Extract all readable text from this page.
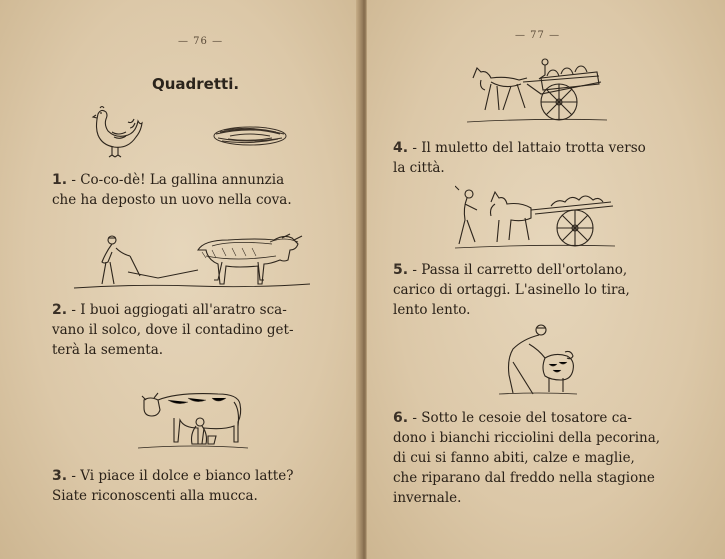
— 76 —
Quadretti.
1. - Co-co-dè! La gallina annunzia
che ha deposto un uovo nella cova.
2. - I buoi aggiogati all'aratro sca-
vano il solco, dove il contadino get-
terà la sementa.
3. - Vi piace il dolce e bianco latte?
Siate riconoscenti alla mucca.
— 77 —
4. - Il muletto del lattaio trotta verso
la città.
5. - Passa il carretto dell'ortolano,
carico di ortaggi. L'asinello lo tira,
lento lento.
6. - Sotto le cesoie del tosatore ca-
dono i bianchi ricciolini della pecorina,
di cui si fanno abiti, calze e maglie,
che riparano dal freddo nella stagione
invernale.
